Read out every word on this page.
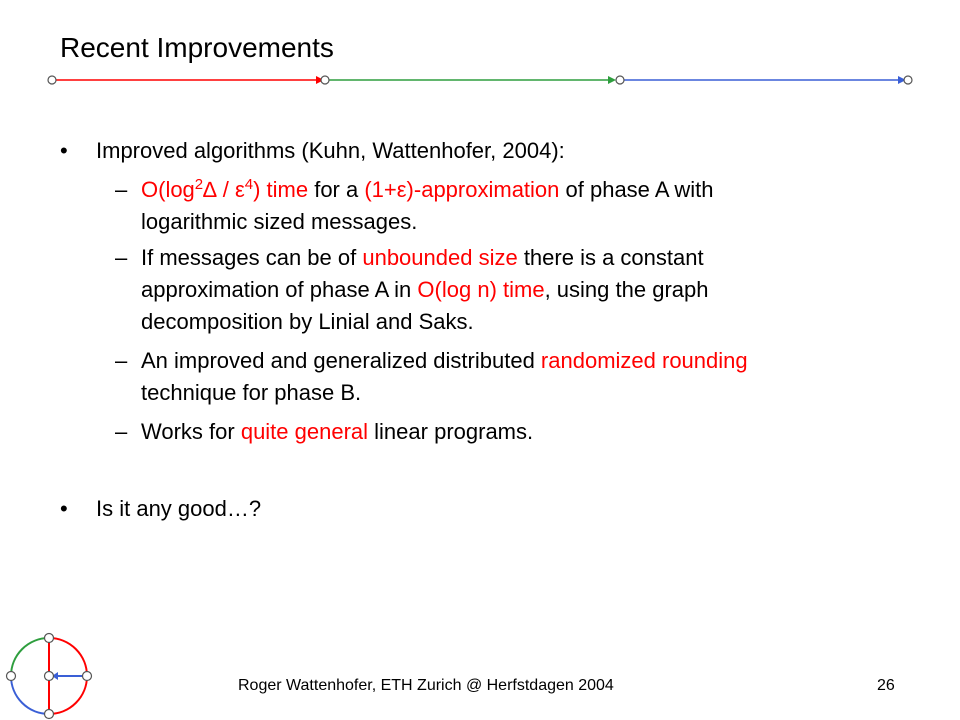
Recent Improvements
• Improved algorithms (Kuhn, Wattenhofer, 2004):
– $O(\log^2\Delta / \varepsilon^4)$ time for a (1+ε)-approximation of phase A with
logarithmic sized messages.
– If messages can be of unbounded size there is a constant
approximation of phase A in O(log n) time, using the graph
decomposition by Linial and Saks.
– An improved and generalized distributed randomized rounding
technique for phase B.
– Works for quite general linear programs.
• Is it any good…?
Roger Wattenhofer, ETH Zurich @ Herfstdagen 2004	26
